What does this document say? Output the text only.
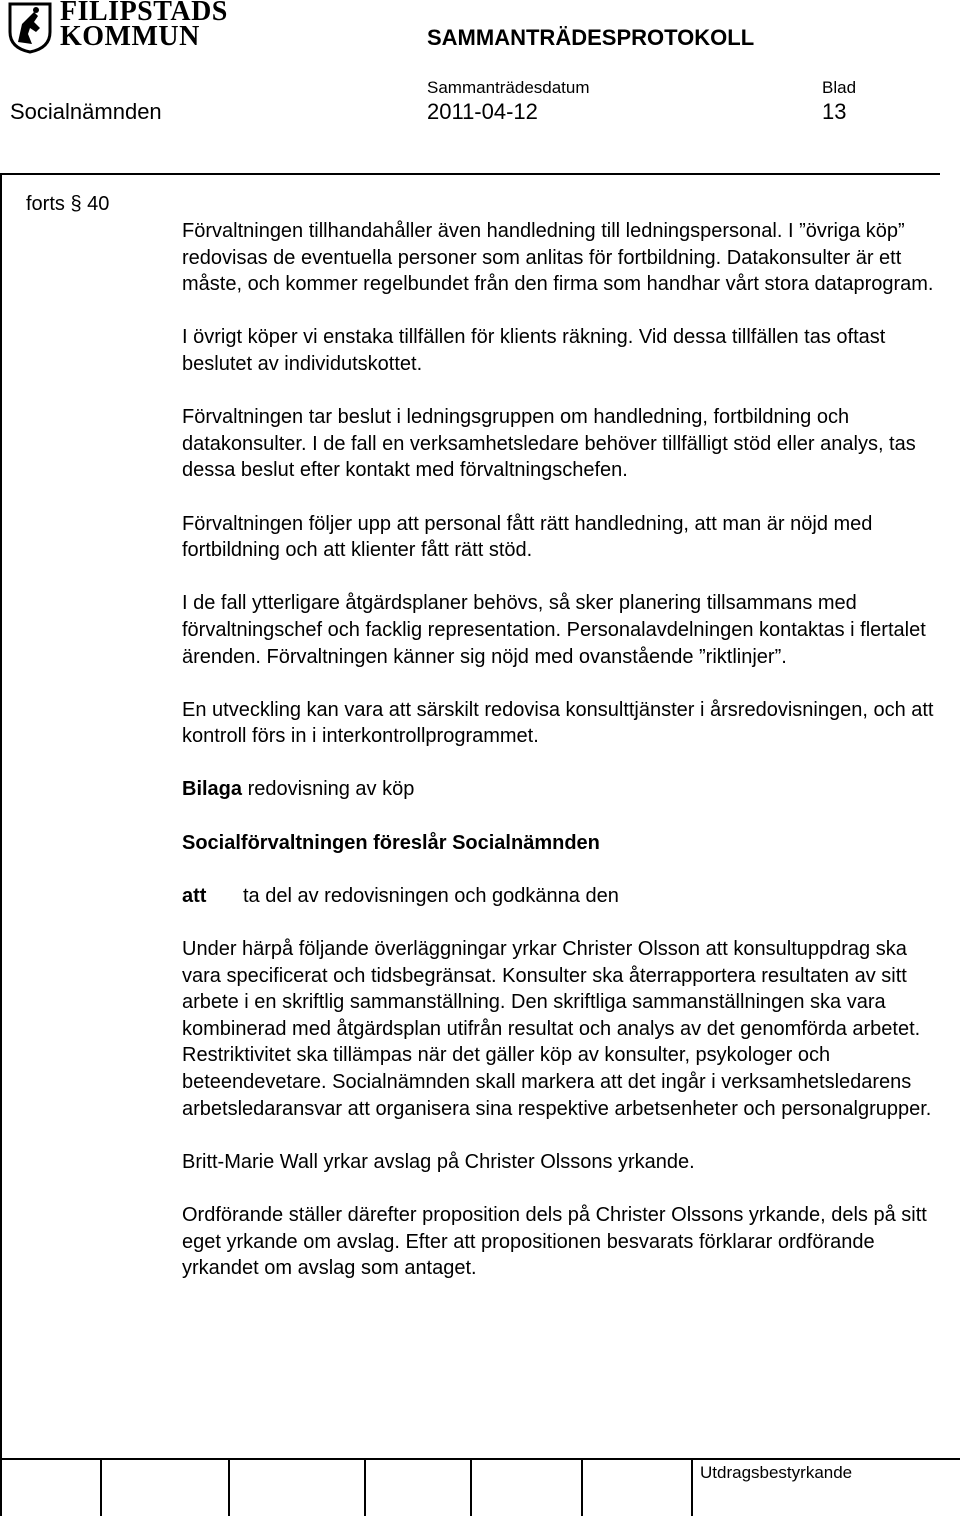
FILIPSTADS
KOMMUN	SAMMANTRÄDESPROTOKOLL
Sammanträdesdatum	Blad
Socialnämnden	2011-04-12	13
forts § 40

Förvaltningen tillhandahåller även handledning till ledningspersonal. I ”övriga köp” redovisas de eventuella personer som anlitas för fortbildning. Datakonsulter är ett måste, och kommer regelbundet från den firma som handhar vårt stora dataprogram.

I övrigt köper vi enstaka tillfällen för klients räkning. Vid dessa tillfällen tas oftast beslutet av individutskottet.

Förvaltningen tar beslut i ledningsgruppen om handledning, fortbildning och datakonsulter. I de fall en verksamhetsledare behöver tillfälligt stöd eller analys, tas dessa beslut efter kontakt med förvaltningschefen.

Förvaltningen följer upp att personal fått rätt handledning, att man är nöjd med fortbildning och att klienter fått rätt stöd.

I de fall ytterligare åtgärdsplaner behövs, så sker planering tillsammans med förvaltningschef och facklig representation. Personalavdelningen kontaktas i flertalet ärenden. Förvaltningen känner sig nöjd med ovanstående ”riktlinjer”.

En utveckling kan vara att särskilt redovisa konsulttjänster i årsredovisningen, och att kontroll förs in i interkontrollprogrammet.

Bilaga redovisning av köp

Socialförvaltningen föreslår Socialnämnden

att	ta del av redovisningen och godkänna den

Under härpå följande överläggningar yrkar Christer Olsson att konsultuppdrag ska vara specificerat och tidsbegränsat. Konsulter ska återrapportera resultaten av sitt arbete i en skriftlig sammanställning. Den skriftliga sammanställningen ska vara kombinerad med åtgärdsplan utifrån resultat och analys av det genomförda arbetet. Restriktivitet ska tillämpas när det gäller köp av konsulter, psykologer och beteendevetare. Socialnämnden skall markera att det ingår i verksamhetsledarens arbetsledaransvar att organisera sina respektive arbetsenheter och personalgrupper.

Britt-Marie Wall yrkar avslag på Christer Olssons yrkande.

Ordförande ställer därefter proposition dels på Christer Olssons yrkande, dels på sitt eget yrkande om avslag. Efter att propositionen besvarats förklarar ordförande yrkandet om avslag som antaget.

Utdragsbestyrkande
